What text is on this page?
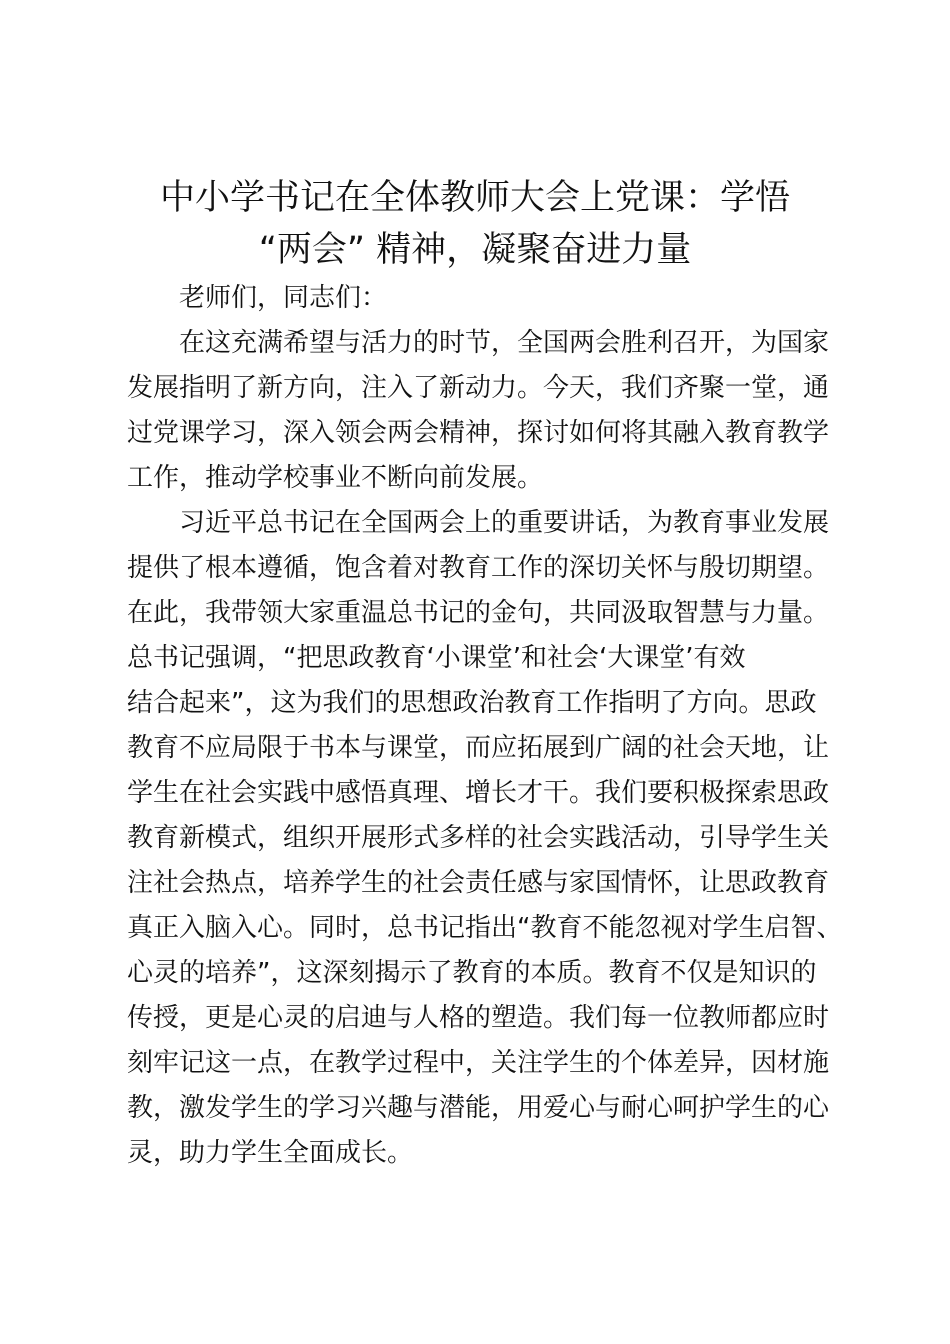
中小学书记在全体教师大会上党课：学悟
“两会” 精神，凝聚奋进力量
老师们，同志们：
在这充满希望与活力的时节，全国两会胜利召开，为国家
发展指明了新方向，注入了新动力。今天，我们齐聚一堂，通
过党课学习，深入领会两会精神，探讨如何将其融入教育教学
工作，推动学校事业不断向前发展。
习近平总书记在全国两会上的重要讲话，为教育事业发展
提供了根本遵循，饱含着对教育工作的深切关怀与殷切期望。
在此，我带领大家重温总书记的金句，共同汲取智慧与力量。
总书记强调，“把思政教育‘小课堂’和社会‘大课堂’有效
结合起来”，这为我们的思想政治教育工作指明了方向。思政
教育不应局限于书本与课堂，而应拓展到广阔的社会天地，让
学生在社会实践中感悟真理、增长才干。我们要积极探索思政
教育新模式，组织开展形式多样的社会实践活动，引导学生关
注社会热点，培养学生的社会责任感与家国情怀，让思政教育
真正入脑入心。同时，总书记指出“教育不能忽视对学生启智、
心灵的培养”，这深刻揭示了教育的本质。教育不仅是知识的
传授，更是心灵的启迪与人格的塑造。我们每一位教师都应时
刻牢记这一点，在教学过程中，关注学生的个体差异，因材施
教，激发学生的学习兴趣与潜能，用爱心与耐心呵护学生的心
灵，助力学生全面成长。
